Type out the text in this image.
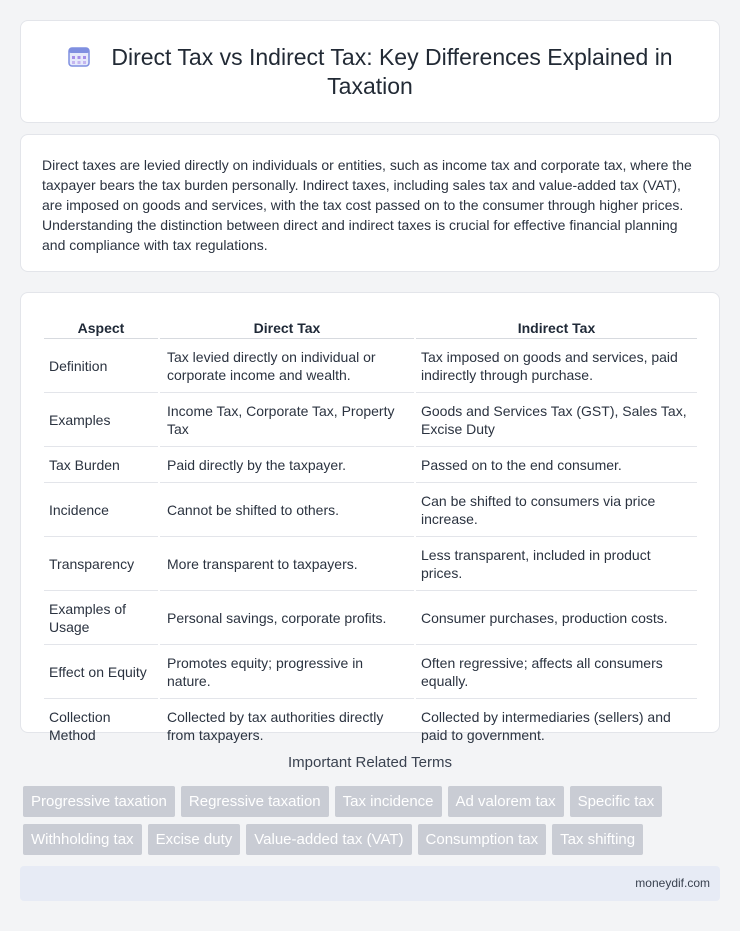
Direct Tax vs Indirect Tax: Key Differences Explained in Taxation

Direct taxes are levied directly on individuals or entities, such as income tax and corporate tax, where the taxpayer bears the tax burden personally. Indirect taxes, including sales tax and value-added tax (VAT), are imposed on goods and services, with the tax cost passed on to the consumer through higher prices. Understanding the distinction between direct and indirect taxes is crucial for effective financial planning and compliance with tax regulations.

Aspect	Direct Tax	Indirect Tax
Definition	Tax levied directly on individual or corporate income and wealth.	Tax imposed on goods and services, paid indirectly through purchase.
Examples	Income Tax, Corporate Tax, Property Tax	Goods and Services Tax (GST), Sales Tax, Excise Duty
Tax Burden	Paid directly by the taxpayer.	Passed on to the end consumer.
Incidence	Cannot be shifted to others.	Can be shifted to consumers via price increase.
Transparency	More transparent to taxpayers.	Less transparent, included in product prices.
Examples of Usage	Personal savings, corporate profits.	Consumer purchases, production costs.
Effect on Equity	Promotes equity; progressive in nature.	Often regressive; affects all consumers equally.
Collection Method	Collected by tax authorities directly from taxpayers.	Collected by intermediaries (sellers) and paid to government.
Important Related Terms
Progressive taxation	Regressive taxation	Tax incidence	Ad valorem tax	Specific tax
Withholding tax	Excise duty	Value-added tax (VAT)	Consumption tax	Tax shifting
moneydif.com
